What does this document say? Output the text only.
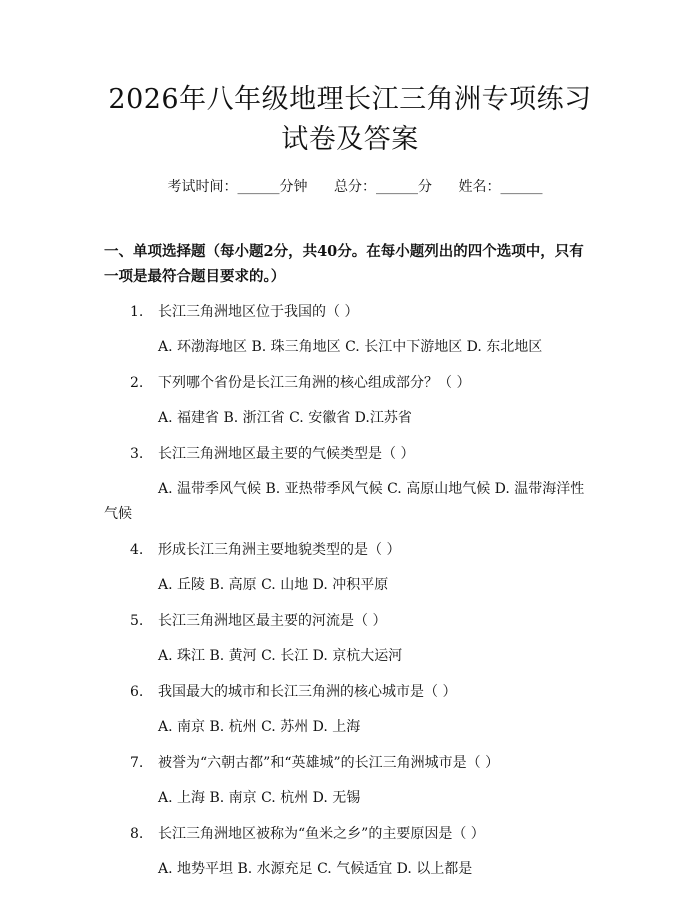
2026年八年级地理长江三角洲专项练习试卷及答案
考试时间：______分钟 总分：______分 姓名：______
一、单项选择题（每小题2分，共40分。在每小题列出的四个选项中，只有一项是最符合题目要求的。）
1.	长江三角洲地区位于我国的（ ）
A. 环渤海地区 B. 珠三角地区 C. 长江中下游地区 D. 东北地区
2.	下列哪个省份是长江三角洲的核心组成部分？（ ）
A. 福建省 B. 浙江省 C. 安徽省 D.江苏省
3.	长江三角洲地区最主要的气候类型是（ ）
A. 温带季风气候 B. 亚热带季风气候 C. 高原山地气候 D. 温带海洋性气候
4.	形成长江三角洲主要地貌类型的是（ ）
A. 丘陵 B. 高原 C. 山地 D. 冲积平原
5.	长江三角洲地区最主要的河流是（ ）
A. 珠江 B. 黄河 C. 长江 D. 京杭大运河
6.	我国最大的城市和长江三角洲的核心城市是（ ）
A. 南京 B. 杭州 C. 苏州 D. 上海
7.	被誉为“六朝古都”和“英雄城”的长江三角洲城市是（ ）
A. 上海 B. 南京 C. 杭州 D. 无锡
8.	长江三角洲地区被称为“鱼米之乡”的主要原因是（ ）
A. 地势平坦 B. 水源充足 C. 气候适宜 D. 以上都是
